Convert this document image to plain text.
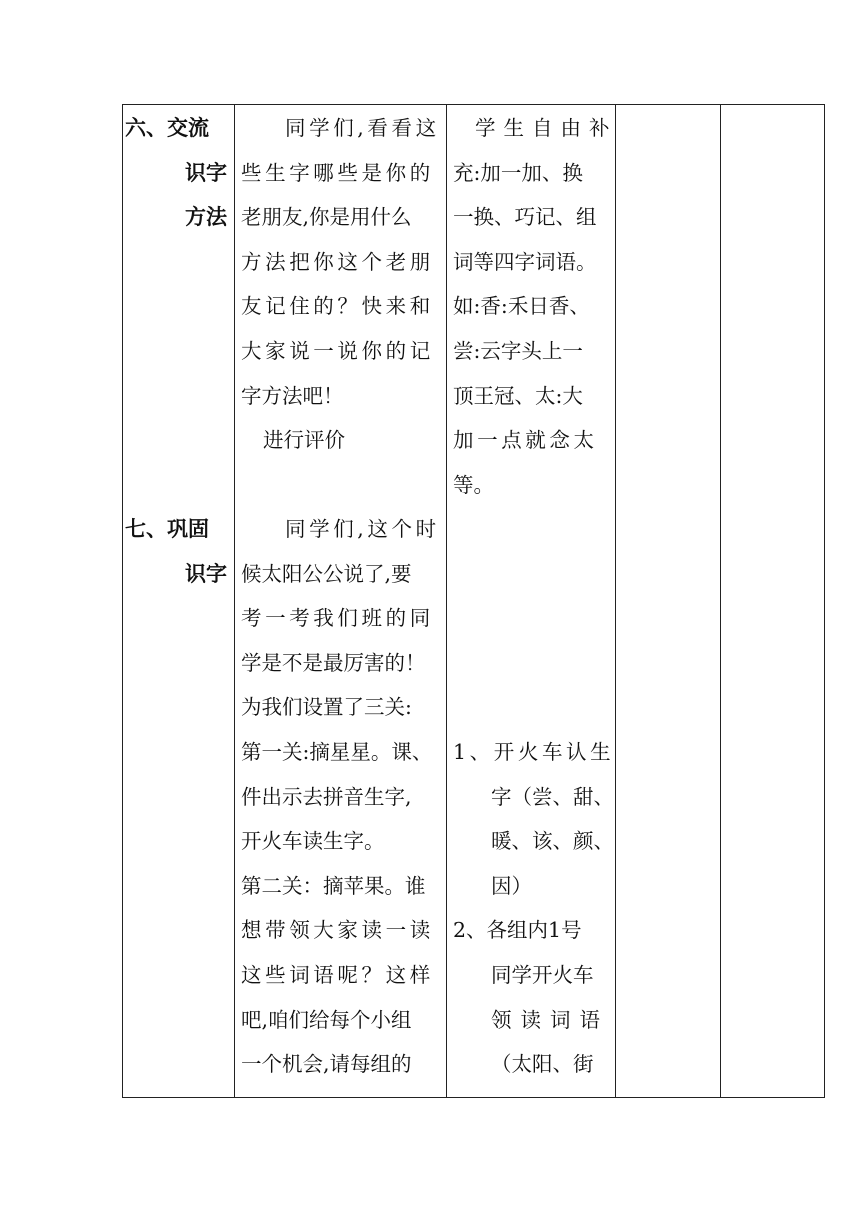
六、交流
识字
方法
七、巩固
识字
同学们,看看这
些生字哪些是你的
老朋友,你是用什么
方法把你这个老朋
友记住的？快来和
大家说一说你的记
字方法吧！
进行评价
同学们,这个时
候太阳公公说了,要
考一考我们班的同
学是不是最厉害的！
为我们设置了三关:
第一关:摘星星。课、
件出示去拼音生字,
开火车读生字。
第二关：摘苹果。谁
想带领大家读一读
这些词语呢？这样
吧,咱们给每个小组
一个机会,请每组的
学生自由补
充:加一加、换
一换、巧记、组
词等四字词语。
如:香:禾日香、
尝:云字头上一
顶王冠、太:大
加一点就念太
等。
1、开火车认生
字（尝、甜、
暖、该、颜、
因）
2、各组内1号
同学开火车
领读词语
（太阳、街
